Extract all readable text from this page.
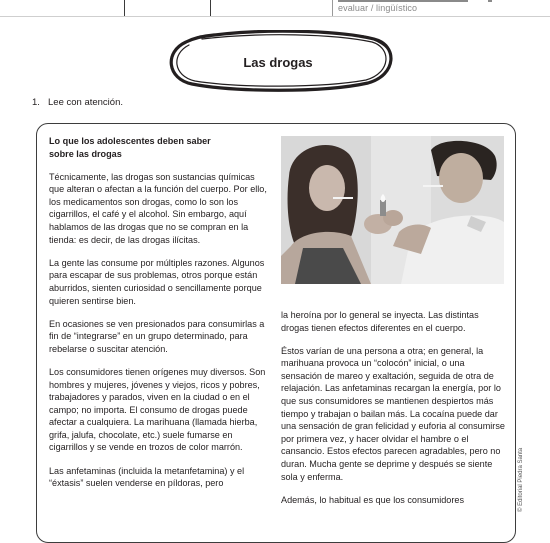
evaluar / lingüístico
Las drogas
1. Lee con atención.
Lo que los adolescentes deben saber
sobre las drogas

Técnicamente, las drogas son sustancias químicas que alteran o afectan a la función del cuerpo. Por ello, los medicamentos son drogas, como lo son los cigarrillos, el café y el alcohol. Sin embargo, aquí hablamos de las drogas que no se compran en la tienda: es decir, de las drogas ilícitas.

La gente las consume por múltiples razones. Algunos para escapar de sus problemas, otros porque están aburridos, sienten curiosidad o sencillamente porque quieren sentirse bien.

En ocasiones se ven presionados para consumirlas a fin de “integrarse” en un grupo determinado, para rebelarse o suscitar atención.

Los consumidores tienen orígenes muy diversos. Son hombres y mujeres, jóvenes y viejos, ricos y pobres, trabajadores y parados, viven en la ciudad o en el campo; no importa. El consumo de drogas puede afectar a cualquiera. La marihuana (llamada hierba, grifa, jalufa, chocolate, etc.) suele fumarse en cigarrillos y se vende en trozos de color marrón.

Las anfetaminas (incluida la metanfetamina) y el “éxtasis” suelen venderse en píldoras, pero

la heroína por lo general se inyecta. Las distintas drogas tienen efectos diferentes en el cuerpo.

Éstos varían de una persona a otra; en general, la marihuana provoca un “colocón” inicial, o una sensación de mareo y exaltación, seguida de otra de relajación. Las anfetaminas recargan la energía, por lo que sus consumidores se mantienen despiertos más tiempo y trabajan o bailan más. La cocaína puede dar una sensación de gran felicidad y euforia al consumirse por primera vez, y hacer olvidar el hambre o el cansancio. Estos efectos parecen agradables, pero no duran. Mucha gente se deprime y después se siente sola y enferma.

Además, lo habitual es que los consumidores	© Editorial Piedra Santa
